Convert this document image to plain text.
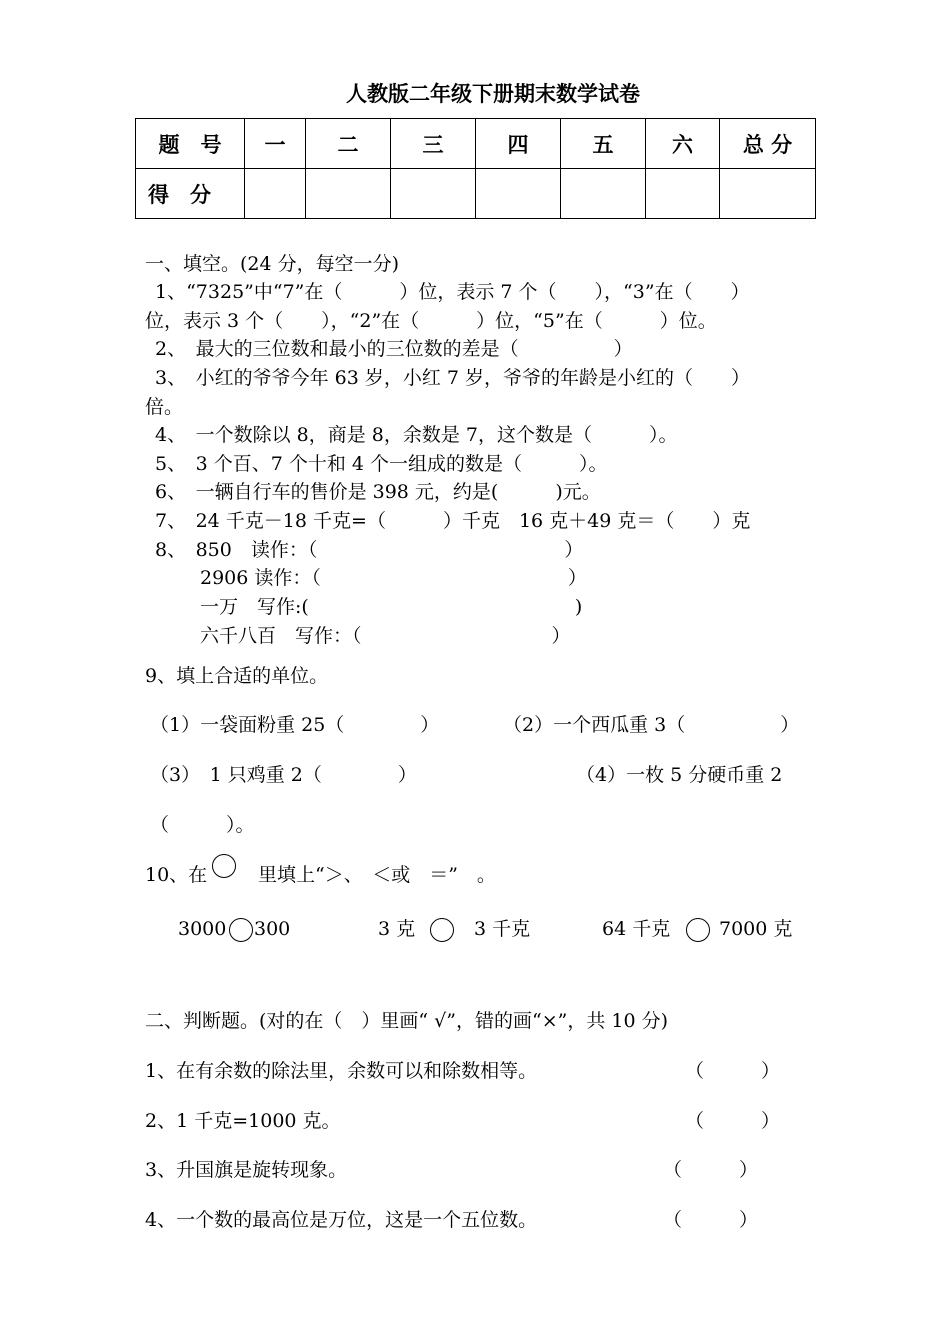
人教版二年级下册期末数学试卷
题　号	一	二	三	四	五	六	总 分
得　分							
一、填空。(24 分，每空一分)
1、“7325”中“7”在（　　　）位，表示 7 个（　　），“3”在（　　）
位，表示 3 个（　　），“2”在（　　　）位，“5”在（　　　）位。
2、　最大的三位数和最小的三位数的差是（　　　　　）
3、　小红的爷爷今年 63 岁，小红 7 岁，爷爷的年龄是小红的（　　）
倍。
4、　一个数除以 8，商是 8，余数是 7，这个数是（　　　）。
5、　3 个百、7 个十和 4 个一组成的数是（　　　）。
6、　一辆自行车的售价是 398 元，约是(　　　)元。
7、　24 千克－18 千克=（　　　）千克　16 克＋49 克＝（　　）克
8、　850　读作：（　　　　　　　　　　　　　）
2906 读作：（　　　　　　　　　　　　　）
一万　写作:(　　　　　　　　　　　　　　)
六千八百　写作：（　　　　　　　　　　）
9、填上合适的单位。
（1）一袋面粉重 25（　　　　）	（2）一个西瓜重 3（　　　　　）
（3）　1 只鸡重 2（　　　　）	（4）一枚 5 分硬币重 2
（　　　）。
10、在	里填上“＞、　＜或　＝”　。
3000 300	3 克	3 千克	64 千克	7000 克
二、判断题。(对的在（　）里画“ √”，错的画“×”，共 10 分)
1、在有余数的除法里，余数可以和除数相等。	（　　　）
2、1 千克=1000 克。	（　　　）
3、升国旗是旋转现象。	（　　　）
4、一个数的最高位是万位，这是一个五位数。	（　　　）
